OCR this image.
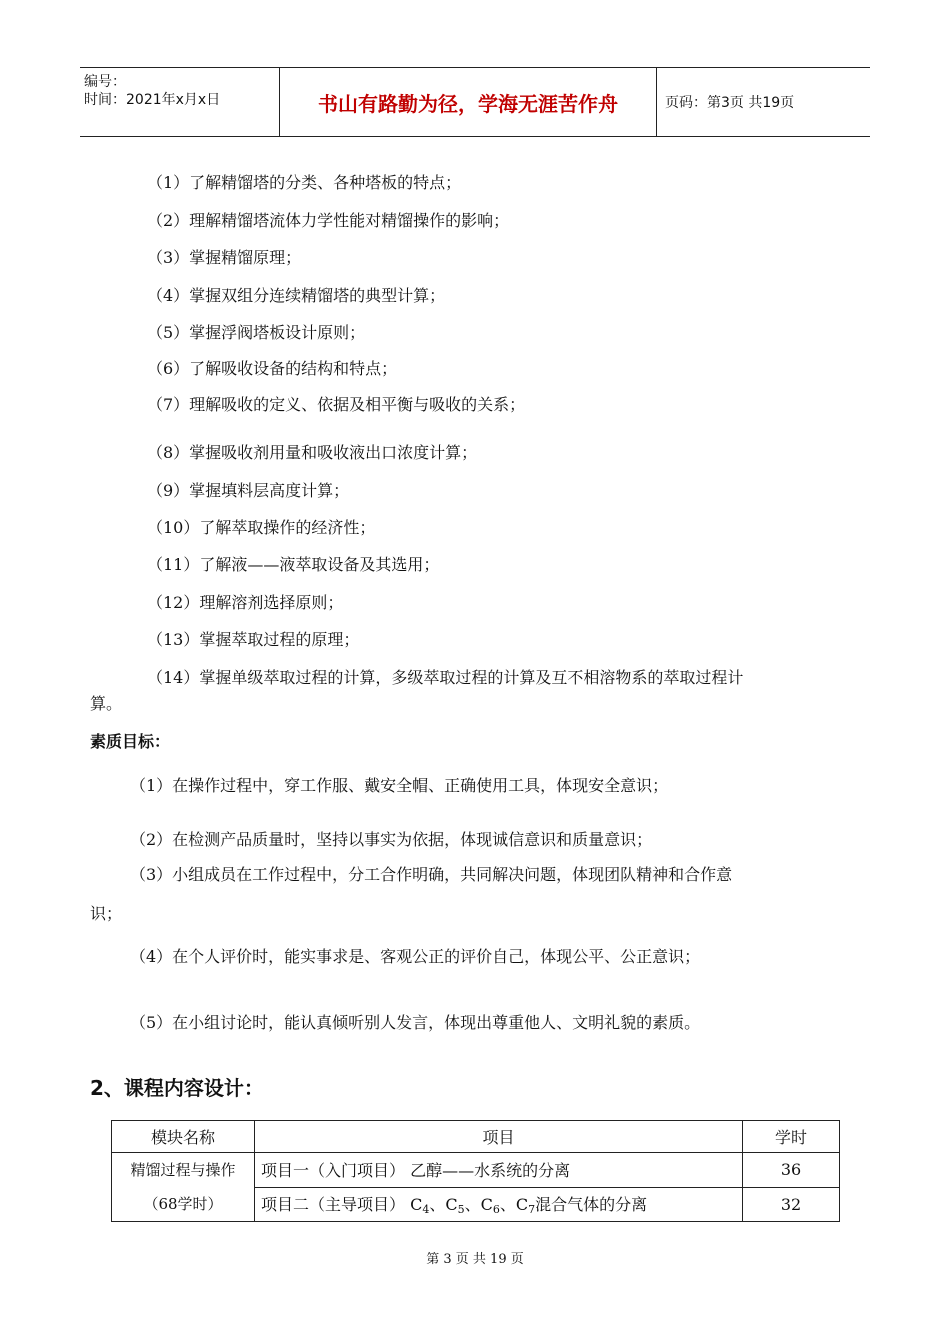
编号：
时间：2021年x月x日	书山有路勤为径，学海无涯苦作舟	页码：第3页 共19页
（1）了解精馏塔的分类、各种塔板的特点；
（2）理解精馏塔流体力学性能对精馏操作的影响；
（3）掌握精馏原理；
（4）掌握双组分连续精馏塔的典型计算；
（5）掌握浮阀塔板设计原则；
（6）了解吸收设备的结构和特点；
（7）理解吸收的定义、依据及相平衡与吸收的关系；
（8）掌握吸收剂用量和吸收液出口浓度计算；
（9）掌握填料层高度计算；
（10）了解萃取操作的经济性；
（11）了解液——液萃取设备及其选用；
（12）理解溶剂选择原则；
（13）掌握萃取过程的原理；
（14）掌握单级萃取过程的计算，多级萃取过程的计算及互不相溶物系的萃取过程计
算。
素质目标：
（1）在操作过程中，穿工作服、戴安全帽、正确使用工具，体现安全意识；
（2）在检测产品质量时，坚持以事实为依据，体现诚信意识和质量意识；
（3）小组成员在工作过程中，分工合作明确，共同解决问题，体现团队精神和合作意
识；
（4）在个人评价时，能实事求是、客观公正的评价自己，体现公平、公正意识；
（5）在小组讨论时，能认真倾听别人发言，体现出尊重他人、文明礼貌的素质。
2、课程内容设计：
模块名称	项目	学时

精馏过程与操作
（68学时）	项目一（入门项目） 乙醇——水系统的分离	36
	项目二（主导项目） $C_4$、$C_5$、$C_6$、$C_7$混合气体的分离	32
第 3 页 共 19 页
